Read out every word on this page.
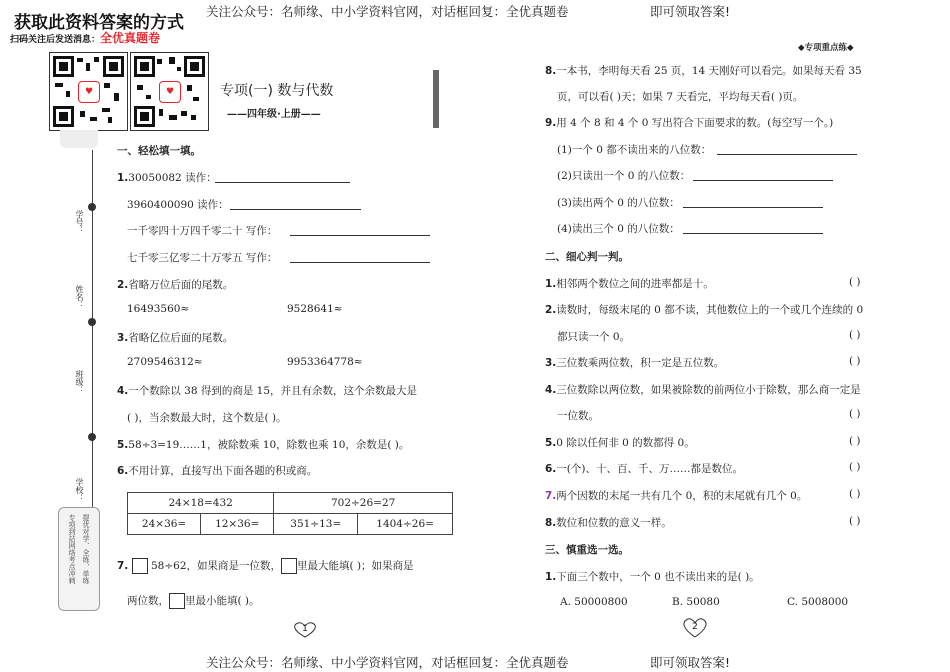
关注公众号：名师缘、中小学资料官网，对话框回复：全优真题卷	即可领取答案!
获取此资料答案的方式
扫码关注后发送消息：全优真题卷
♥	♥
学号：
姓名：
班级：
学校：
提优对学、全练、单练
专项到站网络考点冲刺
专项(一) 数与代数
——四年级·上册——
一、轻松填一填。
1.30050082 读作：
3960400090 读作：
一千零四十万四千零二十 写作：
七千零三亿零二十万零五 写作：
2.省略万位后面的尾数。
16493560≈	9528641≈
3.省略亿位后面的尾数。
2709546312≈	9953364778≈
4.一个数除以 38 得到的商是 15，并且有余数，这个余数最大是
( )，当余数最大时，这个数是( )。
5.58÷3=19……1，被除数乘 10，除数也乘 10，余数是( )。
6.不用计算，直接写出下面各题的积或商。
24×18=432		702÷26=27	
24×36=	12×36=	351÷13=	1404÷26=
7. 58÷62，如果商是一位数， 里最大能填( )；如果商是
两位数， 里最小能填( )。
1
◆专项重点练◆
8.一本书，李明每天看 25 页，14 天刚好可以看完。如果每天看 35
页，可以看( )天；如果 7 天看完，平均每天看( )页。
9.用 4 个 8 和 4 个 0 写出符合下面要求的数。(每空写一个。)
(1)一个 0 都不读出来的八位数：
(2)只读出一个 0 的八位数：
(3)读出两个 0 的八位数：
(4)读出三个 0 的八位数：
二、细心判一判。
1.相邻两个数位之间的进率都是十。	( )
2.读数时，每级末尾的 0 都不读，其他数位上的一个或几个连续的 0
都只读一个 0。	( )
3.三位数乘两位数，积一定是五位数。	( )
4.三位数除以两位数，如果被除数的前两位小于除数，那么商一定是
一位数。	( )
5.0 除以任何非 0 的数都得 0。	( )
6.一(个)、十、百、千、万……都是数位。	( )
7.两个因数的末尾一共有几个 0，积的末尾就有几个 0。	( )
8.数位和位数的意义一样。	( )
三、慎重选一选。
1.下面三个数中，一个 0 也不读出来的是( )。
A. 50000800	B. 50080	C. 5008000
2
关注公众号：名师缘、中小学资料官网，对话框回复：全优真题卷	即可领取答案!
